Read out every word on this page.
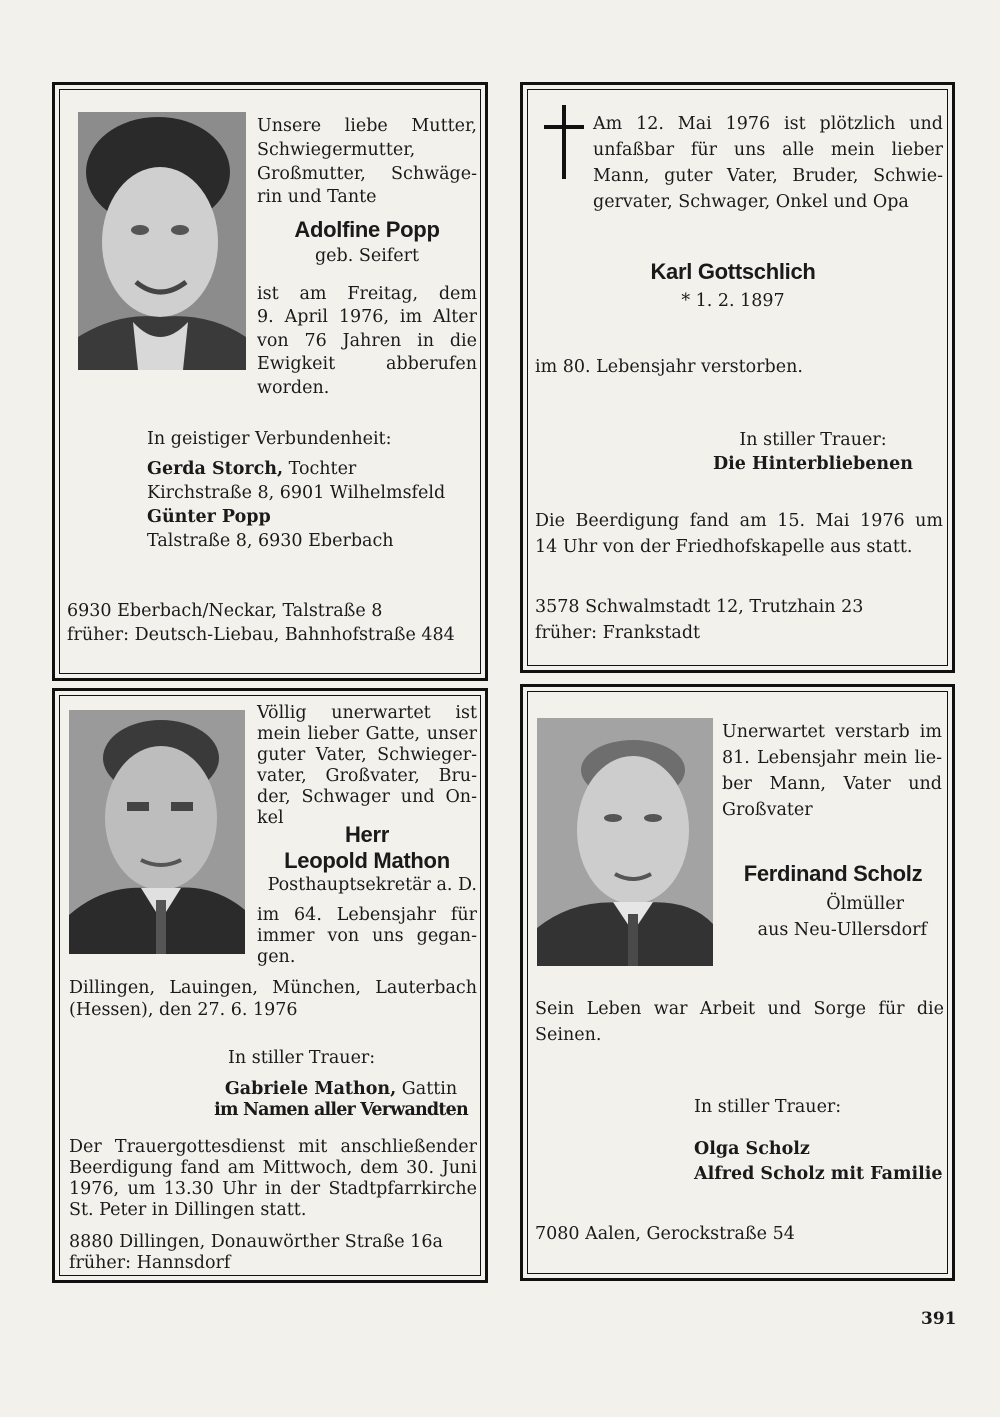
Unsere liebe Mutter,
Schwiegermutter,
Großmutter, Schwäge-
rin und Tante
Adolfine Popp
geb. Seifert
ist am Freitag, dem
9. April 1976, im Alter
von 76 Jahren in die
Ewigkeit abberufen
worden.
In geistiger Verbundenheit:
Gerda Storch, Tochter
Kirchstraße 8, 6901 Wilhelmsfeld
Günter Popp
Talstraße 8, 6930 Eberbach
6930 Eberbach/Neckar, Talstraße 8
früher: Deutsch-Liebau, Bahnhofstraße 484
Am 12. Mai 1976 ist plötzlich und
unfaßbar für uns alle mein lieber
Mann, guter Vater, Bruder, Schwie-
gervater, Schwager, Onkel und Opa
Karl Gottschlich
* 1. 2. 1897
im 80. Lebensjahr verstorben.
In stiller Trauer:
Die Hinterbliebenen
Die Beerdigung fand am 15. Mai 1976 um
14 Uhr von der Friedhofskapelle aus statt.
3578 Schwalmstadt 12, Trutzhain 23
früher: Frankstadt
Völlig unerwartet ist
mein lieber Gatte, unser
guter Vater, Schwieger-
vater, Großvater, Bru-
der, Schwager und On-
kel
Herr
Leopold Mathon
Posthauptsekretär a. D.
im 64. Lebensjahr für
immer von uns gegan-
gen.
Dillingen, Lauingen, München, Lauterbach
(Hessen), den 27. 6. 1976
In stiller Trauer:
Gabriele Mathon, Gattin
im Namen aller Verwandten
Der Trauergottesdienst mit anschließender
Beerdigung fand am Mittwoch, dem 30. Juni
1976, um 13.30 Uhr in der Stadtpfarrkirche
St. Peter in Dillingen statt.
8880 Dillingen, Donauwörther Straße 16a
früher: Hannsdorf
Unerwartet verstarb im
81. Lebensjahr mein lie-
ber Mann, Vater und
Großvater
Ferdinand Scholz
Ölmüller
aus Neu-Ullersdorf
Sein Leben war Arbeit und Sorge für die
Seinen.
In stiller Trauer:
Olga Scholz
Alfred Scholz mit Familie
7080 Aalen, Gerockstraße 54
391
